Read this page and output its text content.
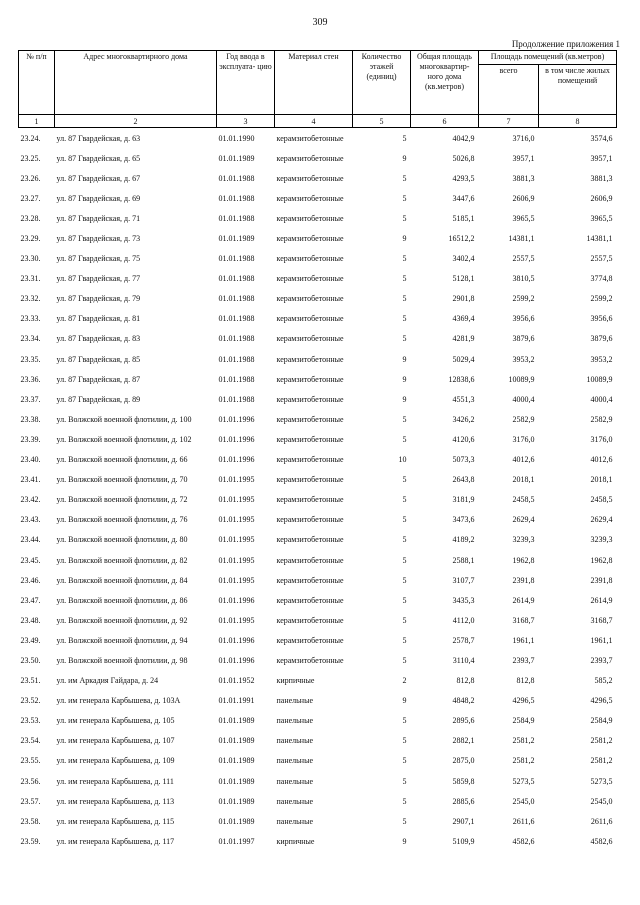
309
Продолжение приложения 1
№ п/п	Адрес многоквартирного дома	Год ввода в эксплуата- цию	Материал стен	Количество этажей (единиц)	Общая площадь многоквартир- ного дома (кв.метров)	Площадь помещений (кв.метров)	
						всего	в том числе жилых помещений
1	2	3	4	5	6	7	8
23.24.	ул. 87 Гвардейская, д. 63	01.01.1990	керамзитобетонные	5	4042,9	3716,0	3574,6
23.25.	ул. 87 Гвардейская, д. 65	01.01.1989	керамзитобетонные	9	5026,8	3957,1	3957,1
23.26.	ул. 87 Гвардейская, д. 67	01.01.1988	керамзитобетонные	5	4293,5	3881,3	3881,3
23.27.	ул. 87 Гвардейская, д. 69	01.01.1988	керамзитобетонные	5	3447,6	2606,9	2606,9
23.28.	ул. 87 Гвардейская, д. 71	01.01.1988	керамзитобетонные	5	5185,1	3965,5	3965,5
23.29.	ул. 87 Гвардейская, д. 73	01.01.1989	керамзитобетонные	9	16512,2	14381,1	14381,1
23.30.	ул. 87 Гвардейская, д. 75	01.01.1988	керамзитобетонные	5	3402,4	2557,5	2557,5
23.31.	ул. 87 Гвардейская, д. 77	01.01.1988	керамзитобетонные	5	5128,1	3810,5	3774,8
23.32.	ул. 87 Гвардейская, д. 79	01.01.1988	керамзитобетонные	5	2901,8	2599,2	2599,2
23.33.	ул. 87 Гвардейская, д. 81	01.01.1988	керамзитобетонные	5	4369,4	3956,6	3956,6
23.34.	ул. 87 Гвардейская, д. 83	01.01.1988	керамзитобетонные	5	4281,9	3879,6	3879,6
23.35.	ул. 87 Гвардейская, д. 85	01.01.1988	керамзитобетонные	9	5029,4	3953,2	3953,2
23.36.	ул. 87 Гвардейская, д. 87	01.01.1988	керамзитобетонные	9	12838,6	10089,9	10089,9
23.37.	ул. 87 Гвардейская, д. 89	01.01.1988	керамзитобетонные	9	4551,3	4000,4	4000,4
23.38.	ул. Волжской военной флотилии, д. 100	01.01.1996	керамзитобетонные	5	3426,2	2582,9	2582,9
23.39.	ул. Волжской военной флотилии, д. 102	01.01.1996	керамзитобетонные	5	4120,6	3176,0	3176,0
23.40.	ул. Волжской военной флотилии, д. 66	01.01.1996	керамзитобетонные	10	5073,3	4012,6	4012,6
23.41.	ул. Волжской военной флотилии, д. 70	01.01.1995	керамзитобетонные	5	2643,8	2018,1	2018,1
23.42.	ул. Волжской военной флотилии, д. 72	01.01.1995	керамзитобетонные	5	3181,9	2458,5	2458,5
23.43.	ул. Волжской военной флотилии, д. 76	01.01.1995	керамзитобетонные	5	3473,6	2629,4	2629,4
23.44.	ул. Волжской военной флотилии, д. 80	01.01.1995	керамзитобетонные	5	4189,2	3239,3	3239,3
23.45.	ул. Волжской военной флотилии, д. 82	01.01.1995	керамзитобетонные	5	2588,1	1962,8	1962,8
23.46.	ул. Волжской военной флотилии, д. 84	01.01.1995	керамзитобетонные	5	3107,7	2391,8	2391,8
23.47.	ул. Волжской военной флотилии, д. 86	01.01.1996	керамзитобетонные	5	3435,3	2614,9	2614,9
23.48.	ул. Волжской военной флотилии, д. 92	01.01.1995	керамзитобетонные	5	4112,0	3168,7	3168,7
23.49.	ул. Волжской военной флотилии, д. 94	01.01.1996	керамзитобетонные	5	2578,7	1961,1	1961,1
23.50.	ул. Волжской военной флотилии, д. 98	01.01.1996	керамзитобетонные	5	3110,4	2393,7	2393,7
23.51.	ул. им Аркадия Гайдара, д. 24	01.01.1952	кирпичные	2	812,8	812,8	585,2
23.52.	ул. им генерала Карбышева, д. 103А	01.01.1991	панельные	9	4848,2	4296,5	4296,5
23.53.	ул. им генерала Карбышева, д. 105	01.01.1989	панельные	5	2895,6	2584,9	2584,9
23.54.	ул. им генерала Карбышева, д. 107	01.01.1989	панельные	5	2882,1	2581,2	2581,2
23.55.	ул. им генерала Карбышева, д. 109	01.01.1989	панельные	5	2875,0	2581,2	2581,2
23.56.	ул. им генерала Карбышева, д. 111	01.01.1989	панельные	5	5859,8	5273,5	5273,5
23.57.	ул. им генерала Карбышева, д. 113	01.01.1989	панельные	5	2885,6	2545,0	2545,0
23.58.	ул. им генерала Карбышева, д. 115	01.01.1989	панельные	5	2907,1	2611,6	2611,6
23.59.	ул. им генерала Карбышева, д. 117	01.01.1997	кирпичные	9	5109,9	4582,6	4582,6
